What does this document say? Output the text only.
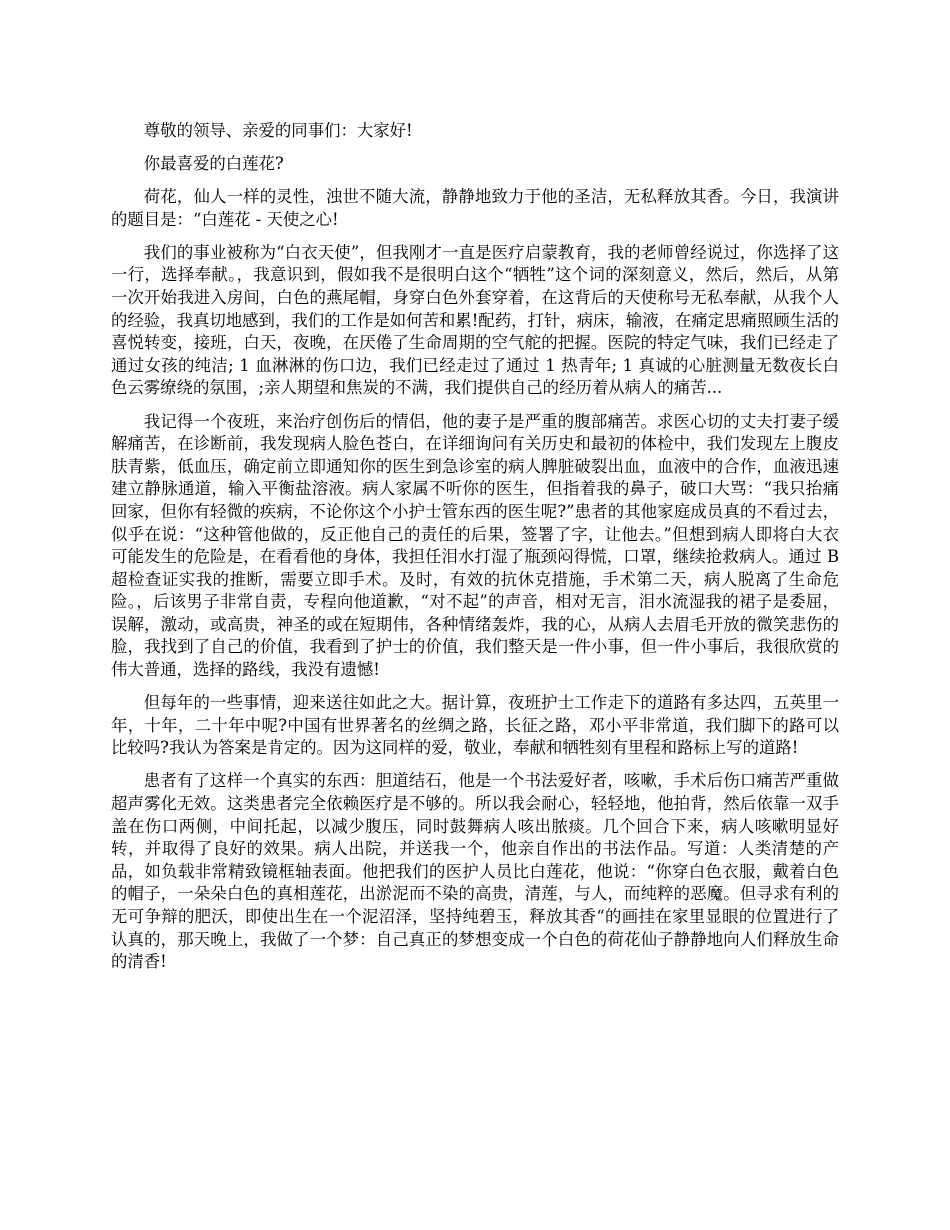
尊敬的领导、亲爱的同事们：大家好!

你最喜爱的白莲花?

荷花，仙人一样的灵性，浊世不随大流，静静地致力于他的圣洁，无私释放其香。今日，我演讲的题目是：“白莲花 - 天使之心!

我们的事业被称为“白衣天使”，但我刚才一直是医疗启蒙教育，我的老师曾经说过，你选择了这一行，选择奉献。，我意识到，假如我不是很明白这个“牺牲”这个词的深刻意义，然后，然后，从第一次开始我进入房间，白色的燕尾帽，身穿白色外套穿着，在这背后的天使称号无私奉献，从我个人的经验，我真切地感到，我们的工作是如何苦和累!配药，打针，病床，输液，在痛定思痛照顾生活的喜悦转变，接班，白天，夜晚，在厌倦了生命周期的空气舵的把握。医院的特定气味，我们已经走了通过女孩的纯洁; 1 血淋淋的伤口边，我们已经走过了通过 1 热青年; 1 真诚的心脏测量无数夜长白色云雾缭绕的氛围，;亲人期望和焦炭的不满，我们提供自己的经历着从病人的痛苦...

我记得一个夜班，来治疗创伤后的情侣，他的妻子是严重的腹部痛苦。求医心切的丈夫打妻子缓解痛苦，在诊断前，我发现病人脸色苍白，在详细询问有关历史和最初的体检中，我们发现左上腹皮肤青紫，低血压，确定前立即通知你的医生到急诊室的病人脾脏破裂出血，血液中的合作，血液迅速建立静脉通道，输入平衡盐溶液。病人家属不听你的医生，但指着我的鼻子，破口大骂：“我只抬痛回家，但你有轻微的疾病，不论你这个小护士管东西的医生呢?”患者的其他家庭成员真的不看过去，似乎在说：“这种管他做的，反正他自己的责任的后果，签署了字，让他去。”但想到病人即将白大衣可能发生的危险是，在看看他的身体，我担任泪水打湿了瓶颈闷得慌，口罩，继续抢救病人。通过 B 超检查证实我的推断，需要立即手术。及时，有效的抗休克措施，手术第二天，病人脱离了生命危险。，后该男子非常自责，专程向他道歉，“对不起”的声音，相对无言，泪水流湿我的裙子是委屈，误解，激动，或高贵，神圣的或在短期伟，各种情绪轰炸，我的心，从病人去眉毛开放的微笑悲伤的脸，我找到了自己的价值，我看到了护士的价值，我们整天是一件小事，但一件小事后，我很欣赏的伟大普通，选择的路线，我没有遗憾!

但每年的一些事情，迎来送往如此之大。据计算，夜班护士工作走下的道路有多达四，五英里一年，十年，二十年中呢?中国有世界著名的丝绸之路，长征之路，邓小平非常道，我们脚下的路可以比较吗?我认为答案是肯定的。因为这同样的爱，敬业，奉献和牺牲刻有里程和路标上写的道路!

患者有了这样一个真实的东西：胆道结石，他是一个书法爱好者，咳嗽，手术后伤口痛苦严重做超声雾化无效。这类患者完全依赖医疗是不够的。所以我会耐心，轻轻地，他拍背，然后依靠一双手盖在伤口两侧，中间托起，以减少腹压，同时鼓舞病人咳出脓痰。几个回合下来，病人咳嗽明显好转，并取得了良好的效果。病人出院，并送我一个，他亲自作出的书法作品。写道：人类清楚的产品，如负载非常精致镜框轴表面。他把我们的医护人员比白莲花，他说：“你穿白色衣服，戴着白色的帽子，一朵朵白色的真相莲花，出淤泥而不染的高贵，清莲，与人，而纯粹的恶魔。但寻求有利的无可争辩的肥沃，即使出生在一个泥沼泽，坚持纯碧玉，释放其香“的画挂在家里显眼的位置进行了认真的，那天晚上，我做了一个梦：自己真正的梦想变成一个白色的荷花仙子静静地向人们释放生命的清香!
